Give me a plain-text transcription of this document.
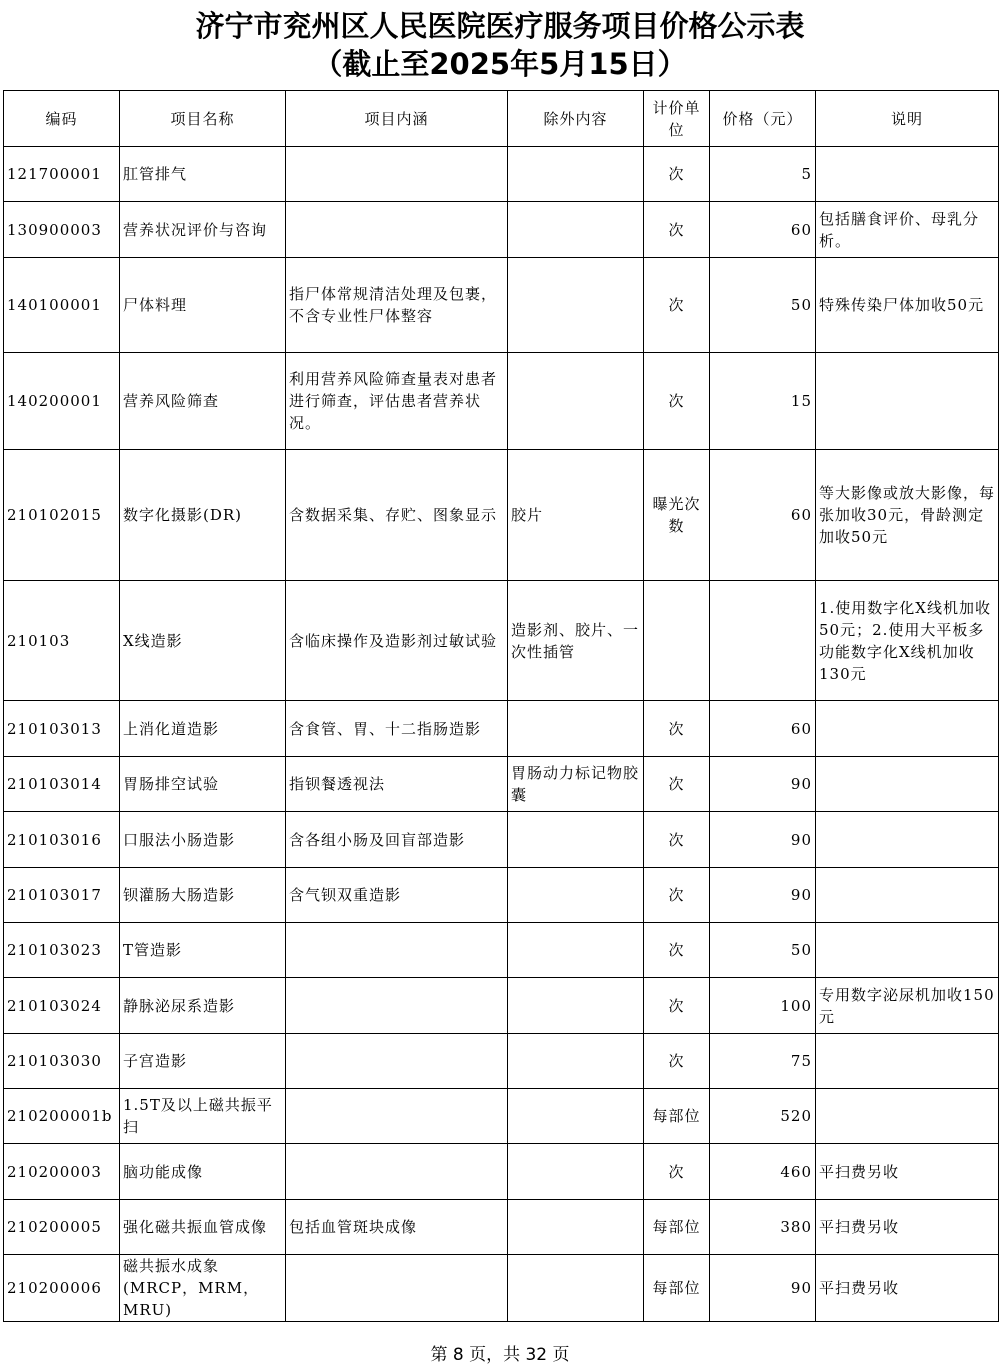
济宁市兖州区人民医院医疗服务项目价格公示表
（截止至2025年5月15日）
编码	项目名称	项目内涵	除外内容	计价单位	价格（元）	说明
121700001	肛管排气			次	5	
130900003	营养状况评价与咨询			次	60	包括膳食评价、母乳分析。
140100001	尸体料理	指尸体常规清洁处理及包裹，不含专业性尸体整容		次	50	特殊传染尸体加收50元
140200001	营养风险筛查	利用营养风险筛查量表对患者进行筛查，评估患者营养状况。		次	15	
210102015	数字化摄影(DR)	含数据采集、存贮、图象显示	胶片	曝光次数	60	等大影像或放大影像，每张加收30元，骨龄测定加收50元
210103	X线造影	含临床操作及造影剂过敏试验	造影剂、胶片、一次性插管			1.使用数字化X线机加收50元；2.使用大平板多功能数字化X线机加收130元
210103013	上消化道造影	含食管、胃、十二指肠造影		次	60	
210103014	胃肠排空试验	指钡餐透视法	胃肠动力标记物胶囊	次	90	
210103016	口服法小肠造影	含各组小肠及回盲部造影		次	90	
210103017	钡灌肠大肠造影	含气钡双重造影		次	90	
210103023	T管造影			次	50	
210103024	静脉泌尿系造影			次	100	专用数字泌尿机加收150元
210103030	子宫造影			次	75	
210200001b	1.5T及以上磁共振平扫			每部位	520	
210200003	脑功能成像			次	460	平扫费另收
210200005	强化磁共振血管成像	包括血管斑块成像		每部位	380	平扫费另收
210200006	磁共振水成象(MRCP，MRM，MRU)			每部位	90	平扫费另收
第 8 页，共 32 页
